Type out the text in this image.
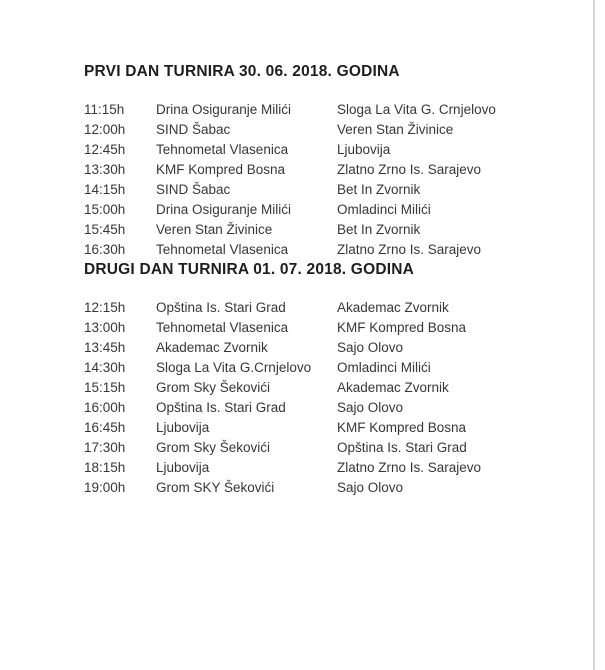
PRVI DAN TURNIRA 30. 06. 2018. GODINA
11:15h	Drina Osiguranje Milići	Sloga La Vita G. Crnjelovo
12:00h	SIND Šabac	Veren Stan Živinice
12:45h	Tehnometal Vlasenica	Ljubovija
13:30h	KMF Kompred Bosna	Zlatno Zrno Is. Sarajevo
14:15h	SIND Šabac	Bet In Zvornik
15:00h	Drina Osiguranje Milići	Omladinci Milići
15:45h	Veren Stan Živinice	Bet In Zvornik
16:30h	Tehnometal Vlasenica	Zlatno Zrno Is. Sarajevo
DRUGI DAN TURNIRA 01. 07. 2018. GODINA
12:15h	Opština Is. Stari Grad	Akademac Zvornik
13:00h	Tehnometal Vlasenica	KMF Kompred Bosna
13:45h	Akademac Zvornik	Sajo Olovo
14:30h	Sloga La Vita G.Crnjelovo	Omladinci Milići
15:15h	Grom Sky Šekovići	Akademac Zvornik
16:00h	Opština Is. Stari Grad	Sajo Olovo
16:45h	Ljubovija	KMF Kompred Bosna
17:30h	Grom Sky Šekovići	Opština Is. Stari Grad
18:15h	Ljubovija	Zlatno Zrno Is. Sarajevo
19:00h	Grom SKY Šekovići	Sajo Olovo
